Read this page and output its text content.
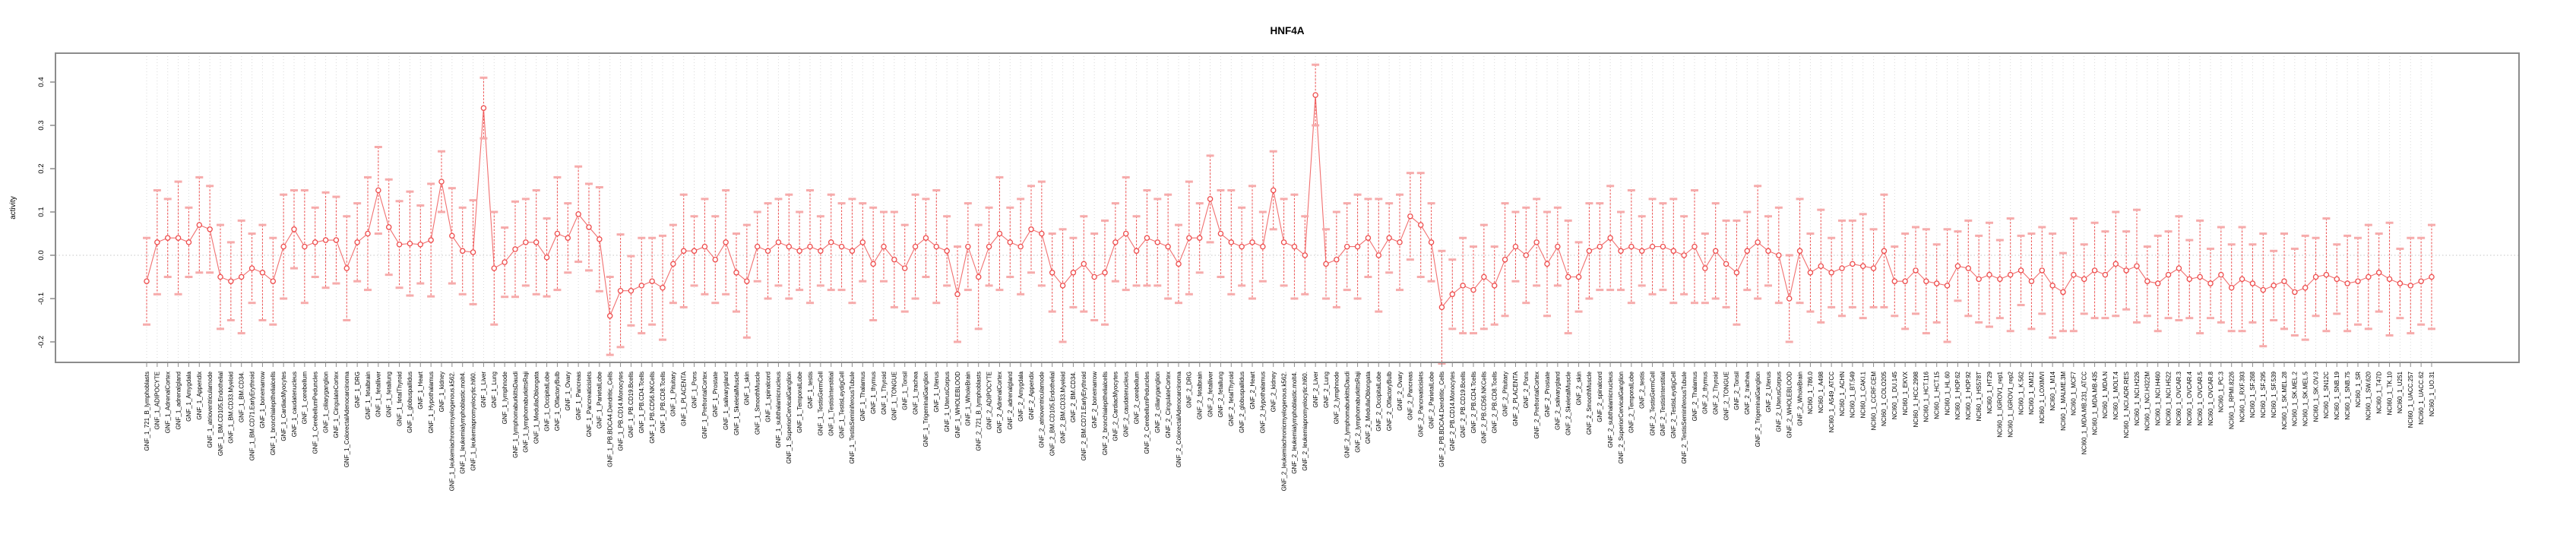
GNF_1_721_B_lymphoblasts GNF_1_ADIPOCYTE GNF_1_AdrenalCortex GNF_1_adrenalgland GNF_1_Amygdala GNF_1_Appendix GNF_1_atrioventricularnode GNF_1_BM.CD105.Endothelial GNF_1_BM.CD33.Myeloid GNF_1_BM.CD34. GNF_1_BM.CD71.EarlyErythroid GNF_1_bonemarrow GNF_1_bronchialepithelialcells GNF_1_CardiacMyocytes GNF_1_caudatenucleus GNF_1_cerebellum GNF_1_CerebellumPeduncles GNF_1_ciliaryganglion GNF_1_CingulateCortex GNF_1_ColorectalAdenocarcinoma GNF_1_DRG GNF_1_fetalbrain GNF_1_fetalliver GNF_1_fetallung GNF_1_fetalThyroid GNF_1_globuspallidus GNF_1_Heart GNF_1_Hypothalamus GNF_1_kidney GNF_1_leukemiachronicmyelogenous.k562. GNF_1_leukemialymphoblastic.molt4. GNF_1_leukemiapromyelocytic.hl60. GNF_1_Liver GNF_1_Lung GNF_1_lymphnode GNF_1_lymphomaburkittsDaudi GNF_1_lymphomaburkittsRaji GNF_1_MedullaOblongata GNF_1_OccipitalLobe GNF_1_OlfactoryBulb GNF_1_Ovary GNF_1_Pancreas GNF_1_Pancreaticislets GNF_1_ParietalLobe GNF_1_PB.BDCA4.Dendritic_Cells GNF_1_PB.CD14.Monocytes GNF_1_PB.CD19.Bcells GNF_1_PB.CD4.Tcells GNF_1_PB.CD56.NKCells GNF_1_PB.CD8.Tcells GNF_1_Pituitary GNF_1_PLACENTA GNF_1_Pons GNF_1_PrefrontalCortex GNF_1_Prostate GNF_1_salivarygland GNF_1_SkeletalMuscle GNF_1_skin GNF_1_SmoothMuscle GNF_1_spinalcord GNF_1_subthalamicnucleus GNF_1_SuperiorCervicalGanglion GNF_1_TemporalLobe GNF_1_testis GNF_1_TestisGermCell GNF_1_TestisInterstitial GNF_1_TestisLeydigCell GNF_1_TestisSeminiferousTubule GNF_1_Thalamus GNF_1_thymus GNF_1_Thyroid GNF_1_TONGUE GNF_1_Tonsil GNF_1_trachea GNF_1_TrigeminalGanglion GNF_1_Uterus GNF_1_UterusCorpus GNF_1_WHOLEBLOOD GNF_1_WholeBrain GNF_2_721_B_lymphoblasts GNF_2_ADIPOCYTE GNF_2_AdrenalCortex GNF_2_adrenalgland GNF_2_Amygdala GNF_2_Appendix GNF_2_atrioventricularnode GNF_2_BM.CD105.Endothelial GNF_2_BM.CD33.Myeloid GNF_2_BM.CD34. GNF_2_BM.CD71.EarlyErythroid GNF_2_bonemarrow GNF_2_bronchialepithelialcells GNF_2_CardiacMyocytes GNF_2_caudatenucleus GNF_2_cerebellum GNF_2_CerebellumPeduncles GNF_2_ciliaryganglion GNF_2_CingulateCortex GNF_2_ColorectalAdenocarcinoma GNF_2_DRG GNF_2_fetalbrain GNF_2_fetalliver GNF_2_fetallung GNF_2_fetalThyroid GNF_2_globuspallidus GNF_2_Heart GNF_2_Hypothalamus GNF_2_kidney GNF_2_leukemiachronicmyelogenous.k562. GNF_2_leukemialymphoblastic.molt4. GNF_2_leukemiapromyelocytic.hl60. GNF_2_Liver GNF_2_Lung GNF_2_lymphnode GNF_2_lymphomaburkittsDaudi GNF_2_lymphomaburkittsRaji GNF_2_MedullaOblongata GNF_2_OccipitalLobe GNF_2_OlfactoryBulb GNF_2_Ovary GNF_2_Pancreas GNF_2_Pancreaticislets GNF_2_ParietalLobe GNF_2_PB.BDCA4.Dendritic_Cells GNF_2_PB.CD14.Monocytes GNF_2_PB.CD19.Bcells GNF_2_PB.CD4.Tcells GNF_2_PB.CD56.NKCells GNF_2_PB.CD8.Tcells GNF_2_Pituitary GNF_2_PLACENTA GNF_2_Pons GNF_2_PrefrontalCortex GNF_2_Prostate GNF_2_salivarygland GNF_2_SkeletalMuscle GNF_2_skin GNF_2_SmoothMuscle GNF_2_spinalcord GNF_2_subthalamicnucleus GNF_2_SuperiorCervicalGanglion GNF_2_TemporalLobe GNF_2_testis GNF_2_TestisGermCell GNF_2_TestisInterstitial GNF_2_TestisLeydigCell GNF_2_TestisSeminiferousTubule GNF_2_Thalamus GNF_2_thymus GNF_2_Thyroid GNF_2_TONGUE GNF_2_Tonsil GNF_2_trachea GNF_2_TrigeminalGanglion GNF_2_Uterus GNF_2_UterusCorpus GNF_2_WHOLEBLOOD GNF_2_WholeBrain NCI60_1_786.0 NCI60_1_A498 NCI60_1_A549_ATCC NCI60_1_ACHN NCI60_1_BT.549 NCI60_1_CAKI.1 NCI60_1_CCRF.CEM NCI60_1_COLO205 NCI60_1_DU.145 NCI60_1_EKVX NCI60_1_HCC.2998 NCI60_1_HCT.116 NCI60_1_HCT.15 NCI60_1_HL.60 NCI60_1_HOP.62 NCI60_1_HOP.92 NCI60_1_HS578T NCI60_1_HT29 NCI60_1_IGROV1_rep1 NCI60_1_IGROV1_rep2 NCI60_1_K.562 NCI60_1_KM12 NCI60_1_LOXIMVI NCI60_1_M14 NCI60_1_MALME.3M NCI60_1_MCF7 NCI60_1_MDA.MB.231_ATCC NCI60_1_MDA.MB.435 NCI60_1_MDA.N NCI60_1_MOLT.4 NCI60_1_NCI.ADR.RES NCI60_1_NCI.H226 NCI60_1_NCI.H322M NCI60_1_NCI.H460 NCI60_1_NCI.H522 NCI60_1_OVCAR.3 NCI60_1_OVCAR.4 NCI60_1_OVCAR.5 NCI60_1_OVCAR.8 NCI60_1_PC.3 NCI60_1_RPMI.8226 NCI60_1_RXF.393 NCI60_1_SF.268 NCI60_1_SF.295 NCI60_1_SF.539 NCI60_1_SK.MEL.28 NCI60_1_SK.MEL.2 NCI60_1_SK.MEL.5 NCI60_1_SK.OV.3 NCI60_1_SN12C NCI60_1_SNB.19 NCI60_1_SNB.75 NCI60_1_SR NCI60_1_SW.620 NCI60_1_T47D NCI60_1_TK.10 NCI60_1_U251 NCI60_1_UACC.257 NCI60_1_UACC.62 NCI60_1_UO.31
-0.2
-0.1
0.0
0.1
0.2
0.3
0.4
HNF4A
activity
